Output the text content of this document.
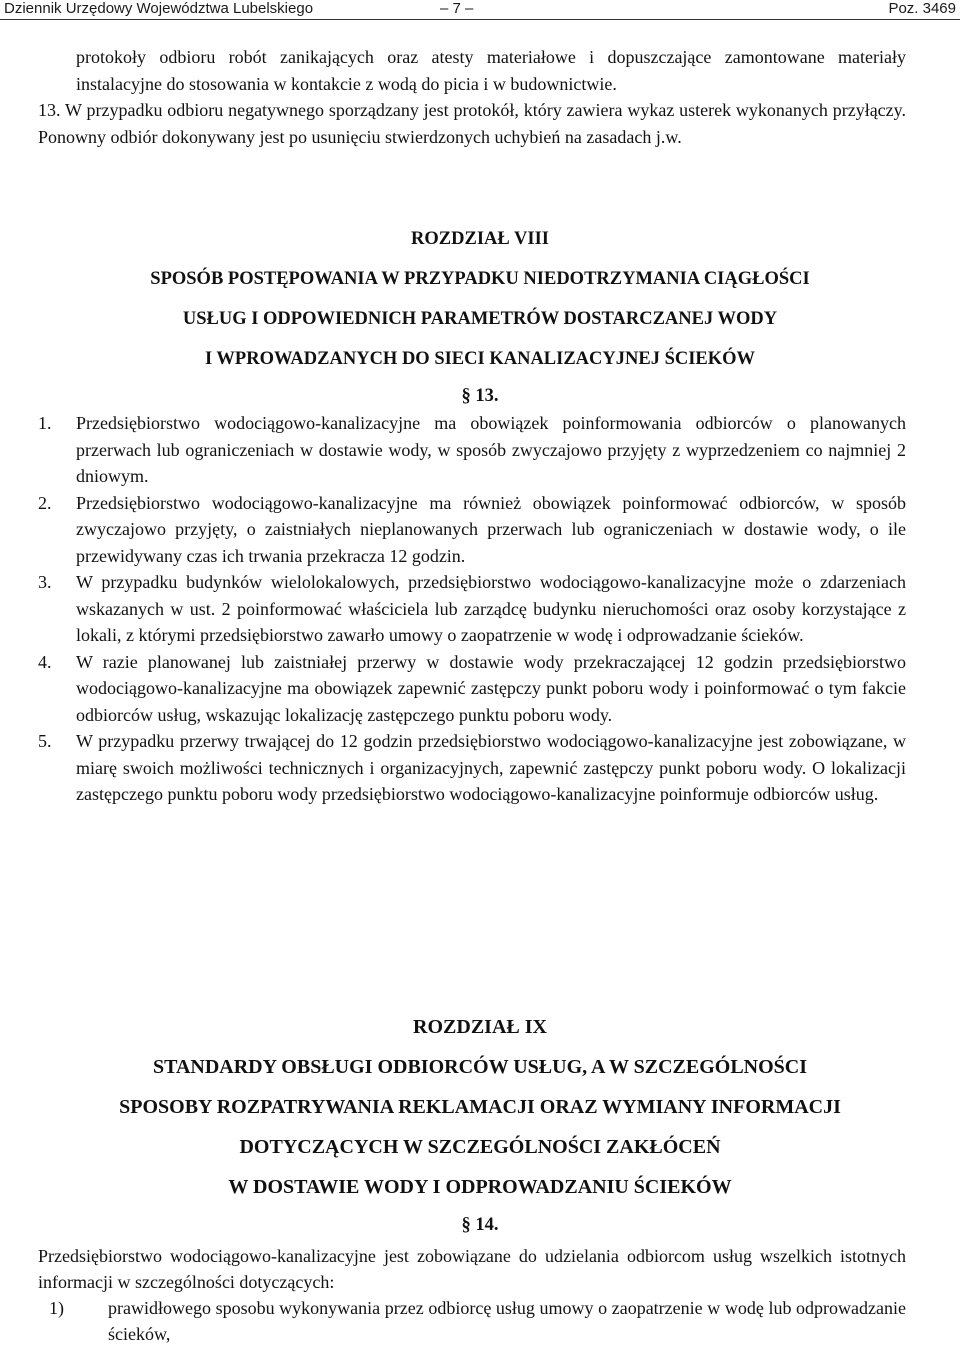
Dziennik Urzędowy Województwa Lubelskiego	– 7 –	Poz. 3469

protokoły odbioru robót zanikających oraz atesty materiałowe i dopuszczające zamontowane materiały instalacyjne do stosowania w kontakcie z wodą do picia i w budownictwie.

13. W przypadku odbioru negatywnego sporządzany jest protokół, który zawiera wykaz usterek wykonanych przyłączy. Ponowny odbiór dokonywany jest po usunięciu stwierdzonych uchybień na zasadach j.w.

ROZDZIAŁ VIII
SPOSÓB POSTĘPOWANIA W PRZYPADKU NIEDOTRZYMANIA CIĄGŁOŚCI
USŁUG I ODPOWIEDNICH PARAMETRÓW DOSTARCZANEJ WODY
I WPROWADZANYCH DO SIECI KANALIZACYJNEJ ŚCIEKÓW
§ 13.

1. Przedsiębiorstwo wodociągowo-kanalizacyjne ma obowiązek poinformowania odbiorców o planowanych przerwach lub ograniczeniach w dostawie wody, w sposób zwyczajowo przyjęty z wyprzedzeniem co najmniej 2 dniowym.

2. Przedsiębiorstwo wodociągowo-kanalizacyjne ma również obowiązek poinformować odbiorców, w sposób zwyczajowo przyjęty, o zaistniałych nieplanowanych przerwach lub ograniczeniach w dostawie wody, o ile przewidywany czas ich trwania przekracza 12 godzin.

3. W przypadku budynków wielolokalowych, przedsiębiorstwo wodociągowo-kanalizacyjne może o zdarzeniach wskazanych w ust. 2 poinformować właściciela lub zarządcę budynku nieruchomości oraz osoby korzystające z lokali, z którymi przedsiębiorstwo zawarło umowy o zaopatrzenie w wodę i odprowadzanie ścieków.

4. W razie planowanej lub zaistniałej przerwy w dostawie wody przekraczającej 12 godzin przedsiębiorstwo wodociągowo-kanalizacyjne ma obowiązek zapewnić zastępczy punkt poboru wody i poinformować o tym fakcie odbiorców usług, wskazując lokalizację zastępczego punktu poboru wody.

5. W przypadku przerwy trwającej do 12 godzin przedsiębiorstwo wodociągowo-kanalizacyjne jest zobowiązane, w miarę swoich możliwości technicznych i organizacyjnych, zapewnić zastępczy punkt poboru wody. O lokalizacji zastępczego punktu poboru wody przedsiębiorstwo wodociągowo-kanalizacyjne poinformuje odbiorców usług.

ROZDZIAŁ IX
STANDARDY OBSŁUGI ODBIORCÓW USŁUG, A W SZCZEGÓLNOŚCI
SPOSOBY ROZPATRYWANIA REKLAMACJI ORAZ WYMIANY INFORMACJI
DOTYCZĄCYCH W SZCZEGÓLNOŚCI ZAKŁÓCEŃ
W DOSTAWIE WODY I ODPROWADZANIU ŚCIEKÓW
§ 14.

Przedsiębiorstwo wodociągowo-kanalizacyjne jest zobowiązane do udzielania odbiorcom usług wszelkich istotnych informacji w szczególności dotyczących:

1) prawidłowego sposobu wykonywania przez odbiorcę usług umowy o zaopatrzenie w wodę lub odprowadzanie ścieków,
